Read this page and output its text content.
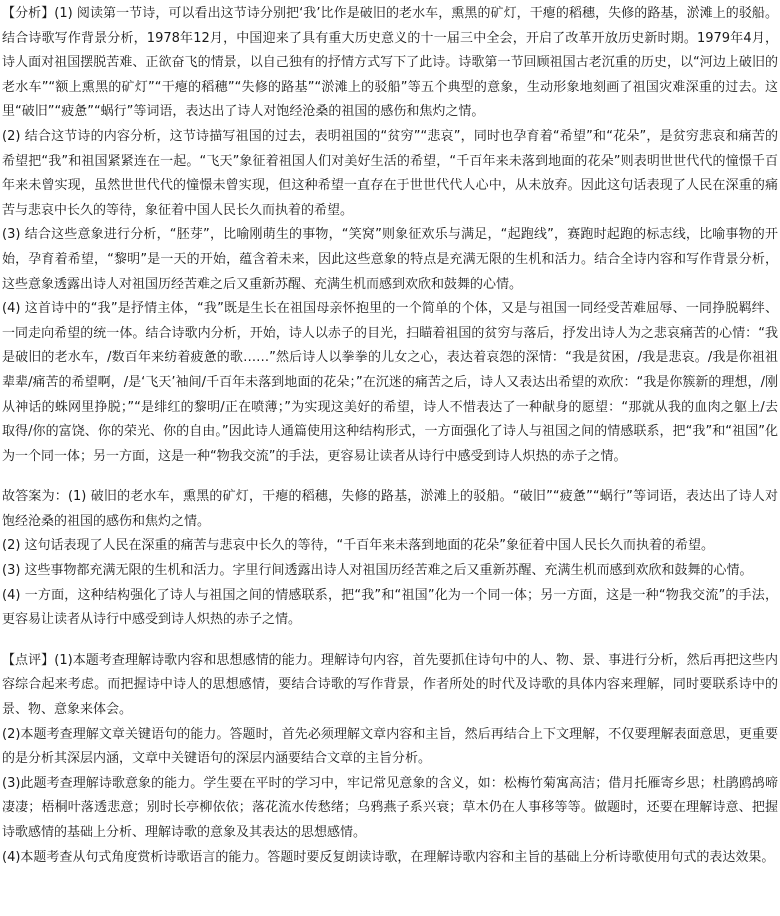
【分析】(1) 阅读第一节诗，可以看出这节诗分别把‘我’比作是破旧的老水车，熏黑的矿灯，干瘪的稻穗，失修的路基，淤滩上的驳船。结合诗歌写作背景分析，1978年12月，中国迎来了具有重大历史意义的十一届三中全会，开启了改革开放历史新时期。1979年4月，诗人面对祖国摆脱苦难、正欲奋飞的情景，以自己独有的抒情方式写下了此诗。诗歌第一节回顾祖国古老沉重的历史，以“河边上破旧的老水车”“额上熏黑的矿灯”“干瘪的稻穗”“失修的路基”“淤滩上的驳船”等五个典型的意象，生动形象地刻画了祖国灾难深重的过去。这里“破旧”“疲惫”“蜗行”等词语，表达出了诗人对饱经沧桑的祖国的感伤和焦灼之情。

(2) 结合这节诗的内容分析，这节诗描写祖国的过去，表明祖国的“贫穷”“悲哀”，同时也孕育着“希望”和“花朵”，是贫穷悲哀和痛苦的希望把“我”和祖国紧紧连在一起。“飞天”象征着祖国人们对美好生活的希望，“千百年来未落到地面的花朵”则表明世世代代的憧憬千百年来未曾实现，虽然世世代代的憧憬未曾实现，但这种希望一直存在于世世代代人心中，从未放弃。因此这句话表现了人民在深重的痛苦与悲哀中长久的等待，象征着中国人民长久而执着的希望。

(3) 结合这些意象进行分析，“胚芽”，比喻刚萌生的事物，“笑窝”则象征欢乐与满足，“起跑线”，赛跑时起跑的标志线，比喻事物的开始，孕育着希望，“黎明”是一天的开始，蕴含着未来，因此这些意象的特点是充满无限的生机和活力。结合全诗内容和写作背景分析，这些意象透露出诗人对祖国历经苦难之后又重新苏醒、充满生机而感到欢欣和鼓舞的心情。

(4) 这首诗中的“我”是抒情主体，“我”既是生长在祖国母亲怀抱里的一个简单的个体，又是与祖国一同经受苦难屈辱、一同挣脱羁绊、一同走向希望的统一体。结合诗歌内分析，开始，诗人以赤子的目光，扫瞄着祖国的贫穷与落后，抒发出诗人为之悲哀痛苦的心情：“我是破旧的老水车，/数百年来纺着疲惫的歌……”然后诗人以拳拳的儿女之心，表达着哀怨的深情：“我是贫困，/我是悲哀。/我是你祖祖辈辈/痛苦的希望啊，/是‘飞天’袖间/千百年未落到地面的花朵；”在沉迷的痛苦之后，诗人又表达出希望的欢欣：“我是你簇新的理想，/刚从神话的蛛网里挣脱；”“是绯红的黎明/正在喷薄；”为实现这美好的希望，诗人不惜表达了一种献身的愿望：“那就从我的血肉之躯上/去取得/你的富饶、你的荣光、你的自由。”因此诗人通篇使用这种结构形式，一方面强化了诗人与祖国之间的情感联系，把“我”和“祖国”化为一个同一体；另一方面，这是一种“物我交流”的手法，更容易让读者从诗行中感受到诗人炽热的赤子之情。

故答案为：(1) 破旧的老水车，熏黑的矿灯，干瘪的稻穗，失修的路基，淤滩上的驳船。“破旧”“疲惫”“蜗行”等词语，表达出了诗人对饱经沧桑的祖国的感伤和焦灼之情。

(2) 这句话表现了人民在深重的痛苦与悲哀中长久的等待，“千百年来未落到地面的花朵”象征着中国人民长久而执着的希望。

(3) 这些事物都充满无限的生机和活力。字里行间透露出诗人对祖国历经苦难之后又重新苏醒、充满生机而感到欢欣和鼓舞的心情。

(4) 一方面，这种结构强化了诗人与祖国之间的情感联系，把“我”和“祖国”化为一个同一体；另一方面，这是一种“物我交流”的手法，更容易让读者从诗行中感受到诗人炽热的赤子之情。

【点评】(1)本题考查理解诗歌内容和思想感情的能力。理解诗句内容，首先要抓住诗句中的人、物、景、事进行分析，然后再把这些内容综合起来考虑。而把握诗中诗人的思想感情，要结合诗歌的写作背景，作者所处的时代及诗歌的具体内容来理解，同时要联系诗中的景、物、意象来体会。

(2)本题考查理解文章关键语句的能力。答题时，首先必须理解文章内容和主旨，然后再结合上下文理解，不仅要理解表面意思，更重要的是分析其深层内涵，文章中关键语句的深层内涵要结合文章的主旨分析。

(3)此题考查理解诗歌意象的能力。学生要在平时的学习中，牢记常见意象的含义，如：松梅竹菊寓高洁；借月托雁寄乡思；杜鹃鸥鸪啼凄凄；梧桐叶落透悲意；别时长亭柳依依；落花流水传愁绪；乌鸦燕子系兴衰；草木仍在人事移等等。做题时，还要在理解诗意、把握诗歌感情的基础上分析、理解诗歌的意象及其表达的思想感情。

(4)本题考查从句式角度赏析诗歌语言的能力。答题时要反复朗读诗歌，在理解诗歌内容和主旨的基础上分析诗歌使用句式的表达效果。
